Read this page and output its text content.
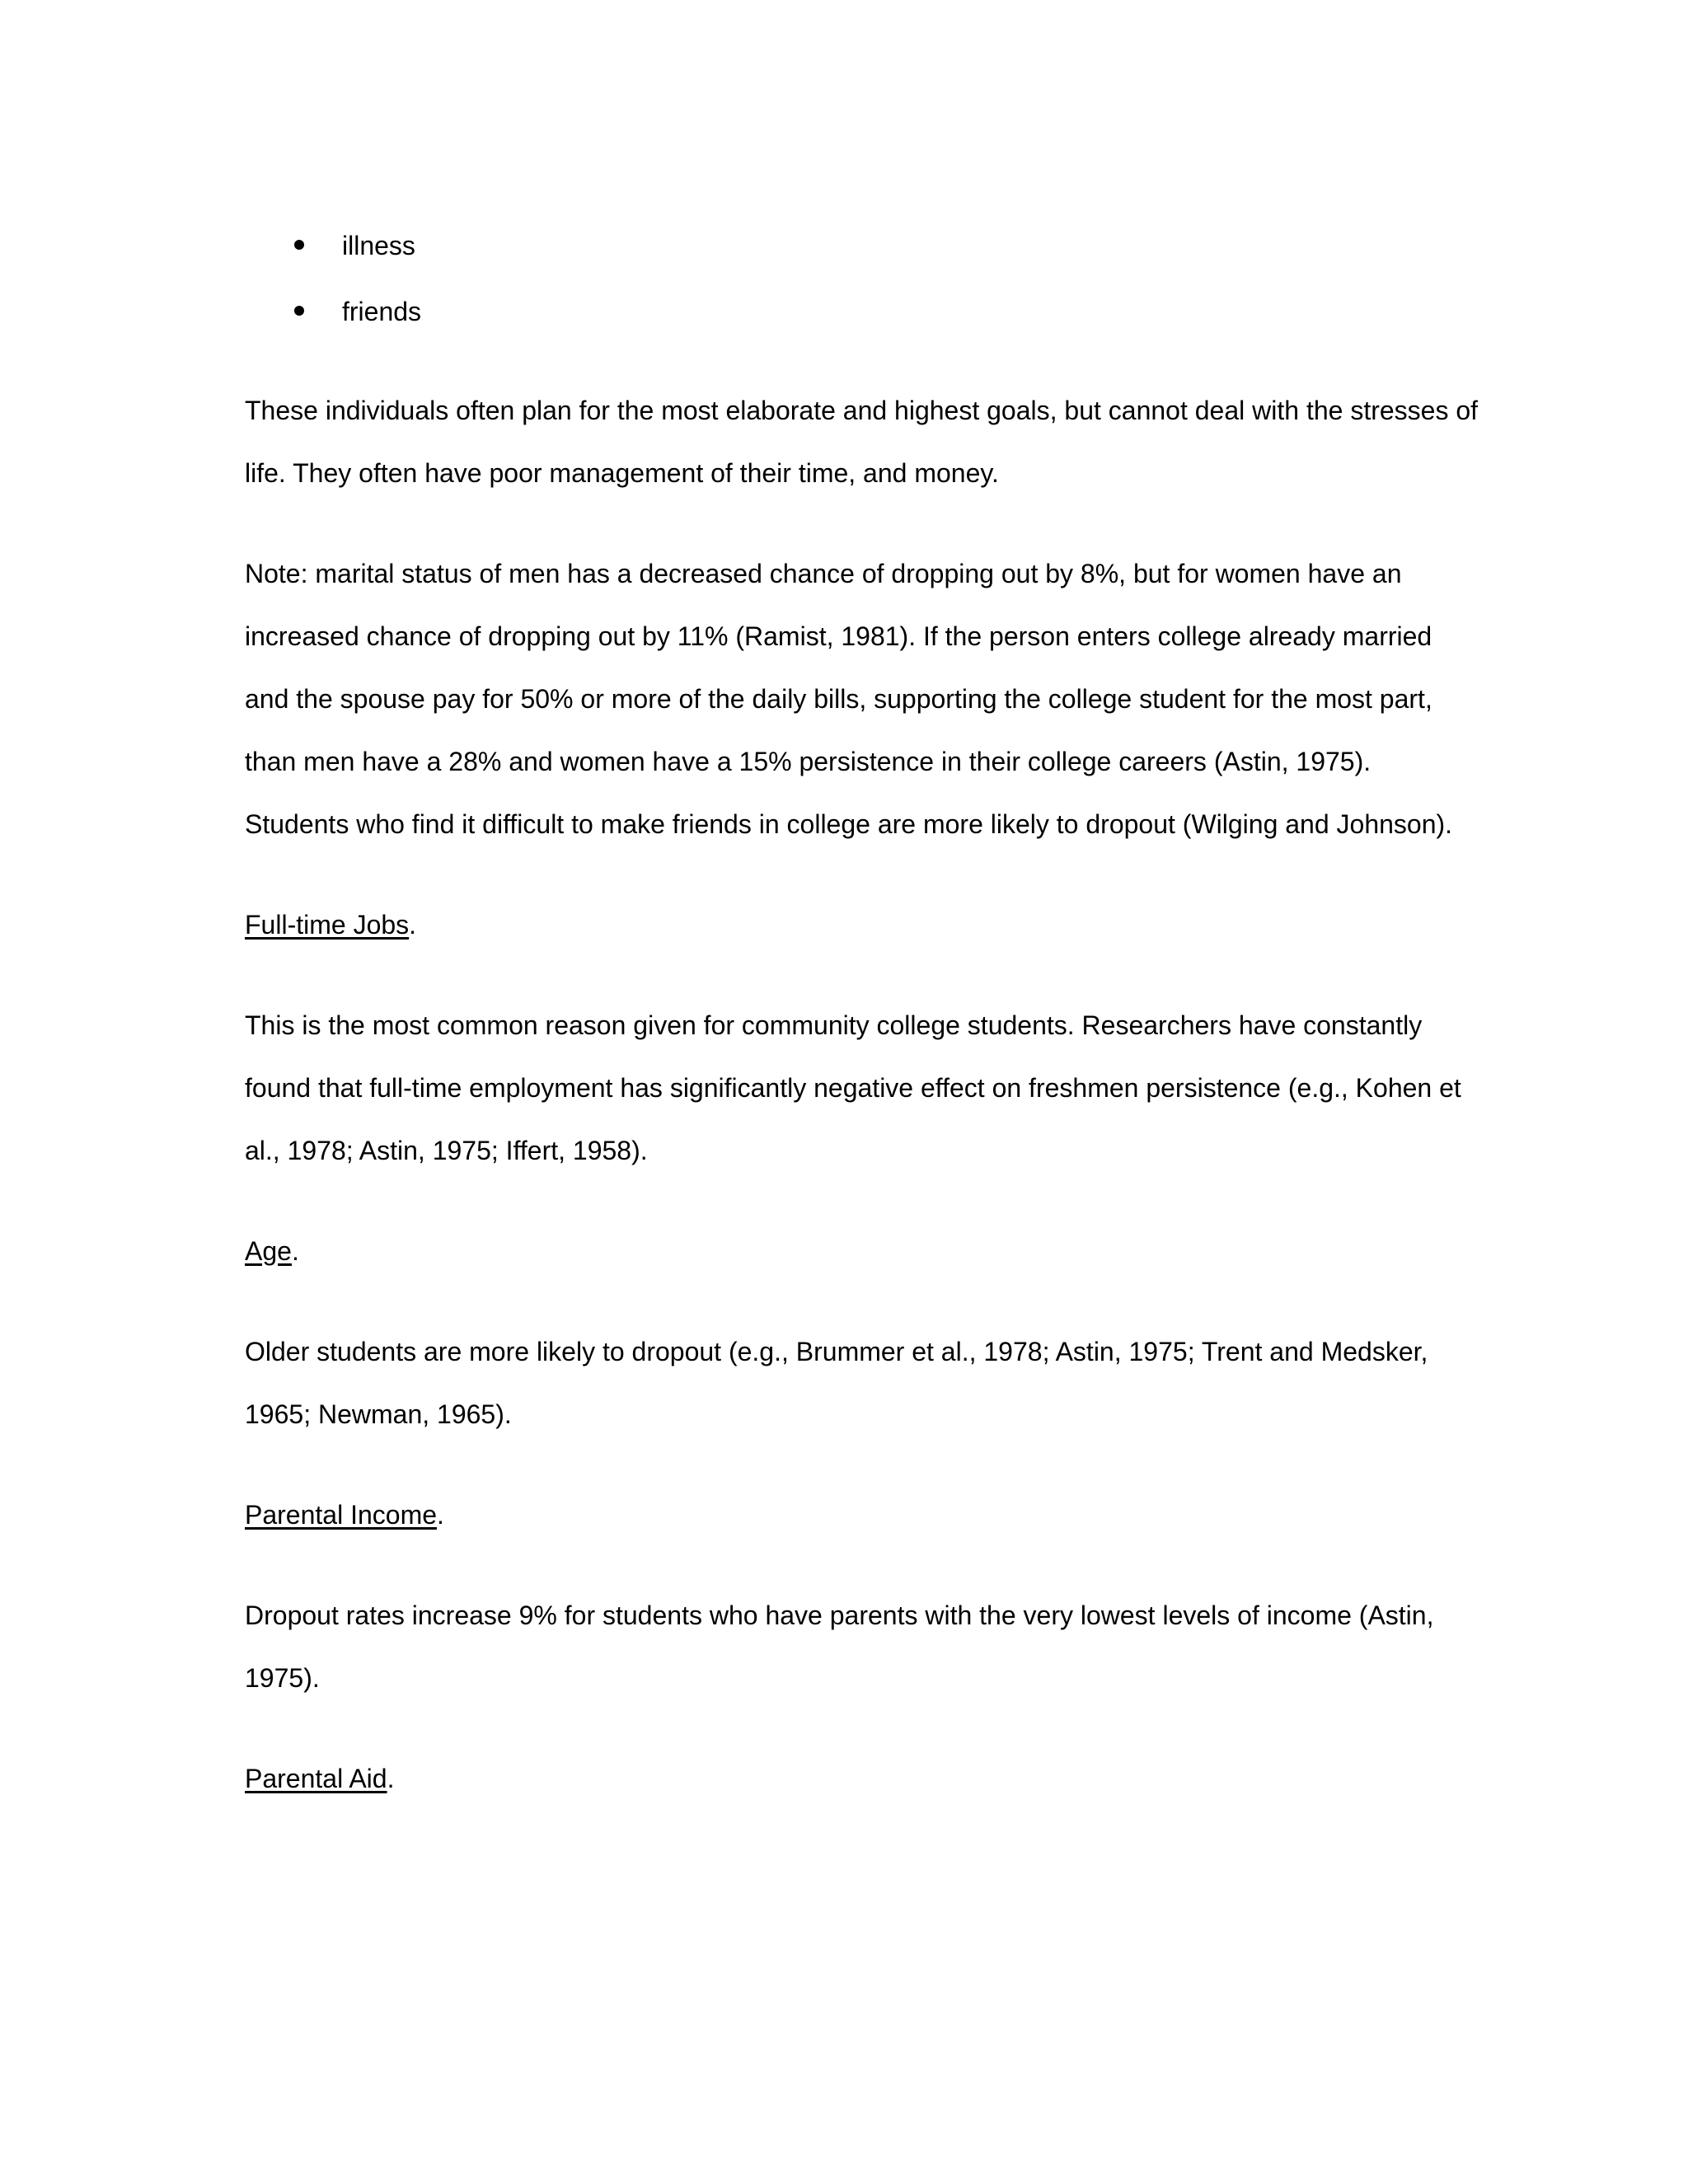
illness
friends

These individuals often plan for the most elaborate and highest goals, but cannot deal with the stresses of life. They often have poor management of their time, and money.

Note: marital status of men has a decreased chance of dropping out by 8%, but for women have an increased chance of dropping out by 11% (Ramist, 1981). If the person enters college already married and the spouse pay for 50% or more of the daily bills, supporting the college student for the most part, than men have a 28% and women have a 15% persistence in their college careers (Astin, 1975). Students who find it difficult to make friends in college are more likely to dropout (Wilging and Johnson).

Full-time Jobs.

This is the most common reason given for community college students. Researchers have constantly found that full-time employment has significantly negative effect on freshmen persistence (e.g., Kohen et al., 1978; Astin, 1975; Iffert, 1958).

Age.

Older students are more likely to dropout (e.g., Brummer et al., 1978; Astin, 1975; Trent and Medsker, 1965; Newman, 1965).

Parental Income.

Dropout rates increase 9% for students who have parents with the very lowest levels of income (Astin, 1975).

Parental Aid.
